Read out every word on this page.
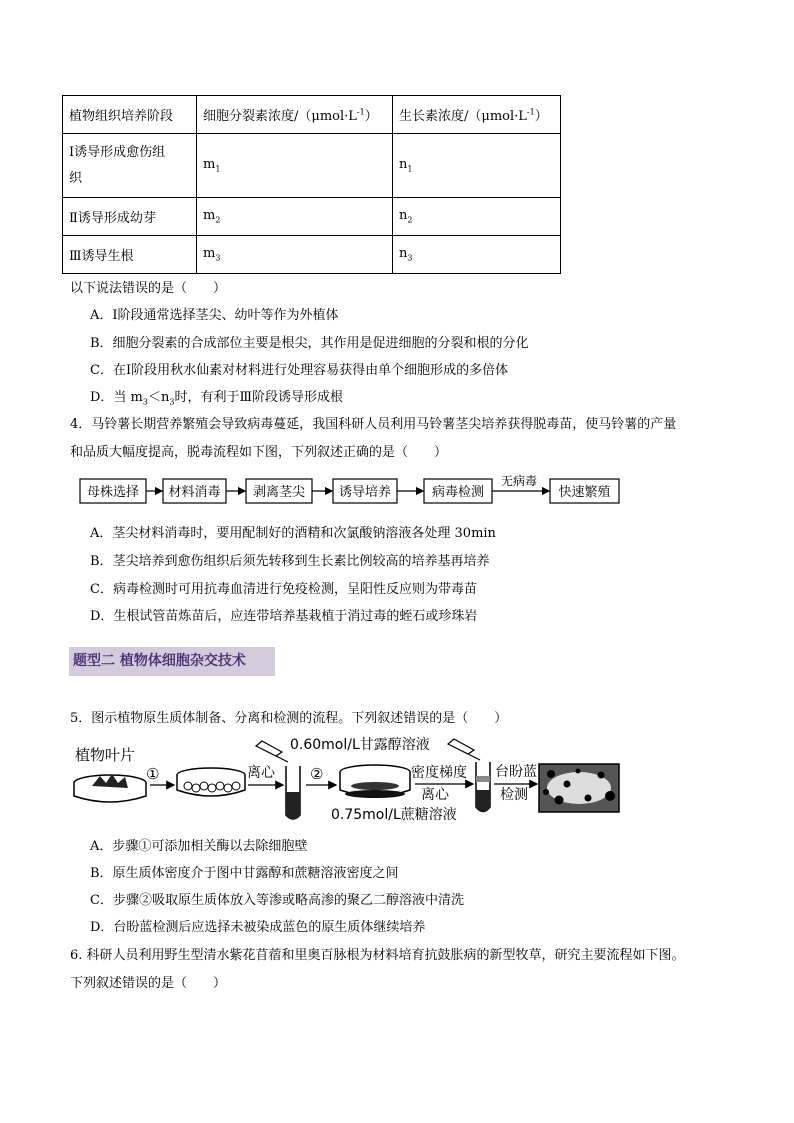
植物组织培养阶段	细胞分裂素浓度$/(\mu mol\cdot L^{-1})$	生长素浓度$/(\mu mol\cdot L^{-1})$
Ⅰ诱导形成愈伤组
织	$m_1$	$n_1$
Ⅱ诱导形成幼芽	$m_2$	$n_2$
Ⅲ诱导生根	$m_3$	$n_3$
以下说法错误的是（　　）
A．Ⅰ阶段通常选择茎尖、幼叶等作为外植体
B．细胞分裂素的合成部位主要是根尖，其作用是促进细胞的分裂和根的分化
C．在Ⅰ阶段用秋水仙素对材料进行处理容易获得由单个细胞形成的多倍体
D．当 $m_3<n_3$时，有利于Ⅲ阶段诱导形成根
4．马铃薯长期营养繁殖会导致病毒蔓延，我国科研人员利用马铃薯茎尖培养获得脱毒苗，使马铃薯的产量
和品质大幅度提高，脱毒流程如下图，下列叙述正确的是（　　）
母株选择 材料消毒 剥离茎尖	诱导培养	病毒检测
无病毒
快速繁殖
A．茎尖材料消毒时，要用配制好的酒精和次氯酸钠溶液各处理 30min
B．茎尖培养到愈伤组织后须先转移到生长素比例较高的培养基再培养
C．病毒检测时可用抗毒血清进行免疫检测，呈阳性反应则为带毒苗
D．生根试管苗炼苗后，应连带培养基栽植于消过毒的蛭石或珍珠岩
题型二 植物体细胞杂交技术
5．图示植物原生质体制备、分离和检测的流程。下列叙述错误的是（　　）
植物叶片
①	离心 ②
0.60mol/L甘露醇溶液
0.75mol/L蔗糖溶液
密度梯度
离心
台盼蓝
检测
A．步骤①可添加相关酶以去除细胞壁
B．原生质体密度介于图中甘露醇和蔗糖溶液密度之间
C．步骤②吸取原生质体放入等渗或略高渗的聚乙二醇溶液中清洗
D．台盼蓝检测后应选择未被染成蓝色的原生质体继续培养
6. 科研人员利用野生型清水紫花苜蓿和里奥百脉根为材料培育抗鼓胀病的新型牧草，研究主要流程如下图。
下列叙述错误的是（　　）
